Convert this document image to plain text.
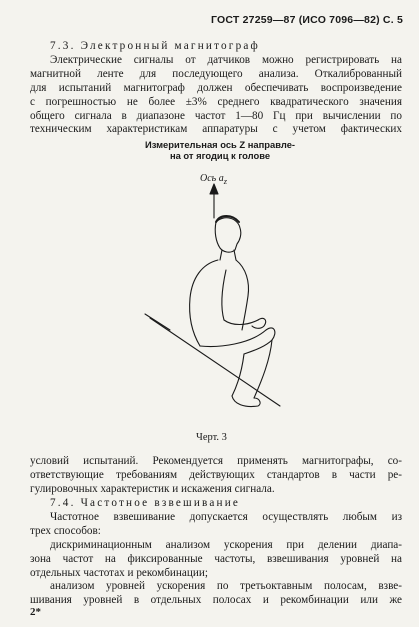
ГОСТ 27259—87 (ИСО 7096—82) С. 5

7.3. Электронный магнитограф

Электрические сигналы от датчиков можно регистрировать на

магнитной ленте для последующего анализа. Откалиброванный

для испытаний магнитограф должен обеспечивать воспроизведение

с погрешностью не более ±3% среднего квадратического значения

общего сигнала в диапазоне частот 1—80 Гц при вычислении по

техническим характеристикам аппаратуры с учетом фактических

Измерительная ось Z направле-
на от ягодиц к голове
Ось $a_z$
Черт. 3

условий испытаний. Рекомендуется применять магнитографы, со-

ответствующие требованиям действующих стандартов в части ре-

гулировочных характеристик и искажения сигнала.

7.4. Частотное взвешивание

Частотное взвешивание допускается осуществлять любым из

трех способов:

дискриминационным анализом ускорения при делении диапа-

зона частот на фиксированные частоты, взвешивания уровней на

отдельных частотах и рекомбинации;

анализом уровней ускорения по третьоктавным полосам, взве-

шивания уровней в отдельных полосах и рекомбинации или же

2*
